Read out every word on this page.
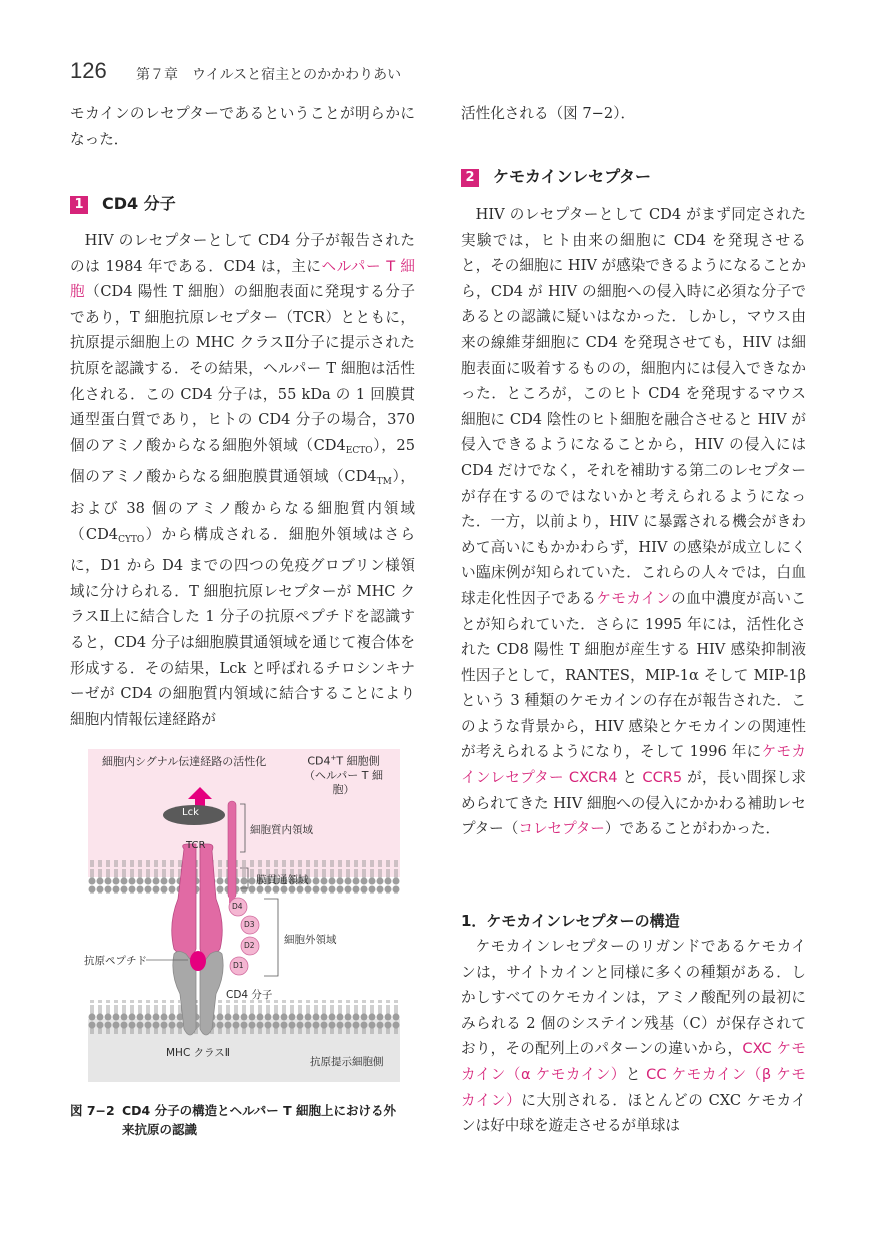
126 第７章　ウイルスと宿主とのかかわりあい

モカインのレセプターであるということが明らかになった．

1 CD4 分子

HIV のレセプターとして CD4 分子が報告されたのは 1984 年である．CD4 は，主にヘルパー T 細胞（CD4 陽性 T 細胞）の細胞表面に発現する分子であり，T 細胞抗原レセプター（TCR）とともに，抗原提示細胞上の MHC クラスⅡ分子に提示された抗原を認識する．その結果，ヘルパー T 細胞は活性化される．この CD4 分子は，55 kDa の 1 回膜貫通型蛋白質であり，ヒトの CD4 分子の場合，370 個のアミノ酸からなる細胞外領域$(CD4_{ECTO})$，25 個のアミノ酸からなる細胞膜貫通領域$(CD4_{TM})$，および 38 個のアミノ酸からなる細胞質内領域$(CD4_{CYTO})$から構成される．細胞外領域はさらに，D1 から D4 までの四つの免疫グロブリン様領域に分けられる．T 細胞抗原レセプターが MHC クラスⅡ上に結合した 1 分子の抗原ペプチドを認識すると，CD4 分子は細胞膜貫通領域を通じて複合体を形成する．その結果，Lck と呼ばれるチロシンキナーゼが CD4 の細胞質内領域に結合することにより細胞内情報伝達経路が

細胞内シグナル伝達経路の活性化	CD4+T 細胞側
（ヘルパー T 細胞）
Lck
TCR
細胞質内領域
膜貫通領域
細胞外領域
抗原ペプチド
D4
D3
D2
D1
CD4 分子
MHC クラスⅡ
抗原提示細胞側
図 7−2 CD4 分子の構造とヘルパー T 細胞上における外
来抗原の認識

活性化される（図 7−2）．

2 ケモカインレセプター

HIV のレセプターとして CD4 がまず同定された実験では，ヒト由来の細胞に CD4 を発現させると，その細胞に HIV が感染できるようになることから，CD4 が HIV の細胞への侵入時に必須な分子であるとの認識に疑いはなかった．しかし，マウス由来の線維芽細胞に CD4 を発現させても，HIV は細胞表面に吸着するものの，細胞内には侵入できなかった．ところが，このヒト CD4 を発現するマウス細胞に CD4 陰性のヒト細胞を融合させると HIV が侵入できるようになることから，HIV の侵入には CD4 だけでなく，それを補助する第二のレセプターが存在するのではないかと考えられるようになった．一方，以前より，HIV に暴露される機会がきわめて高いにもかかわらず，HIV の感染が成立しにくい臨床例が知られていた．これらの人々では，白血球走化性因子であるケモカインの血中濃度が高いことが知られていた．さらに 1995 年には，活性化された CD8 陽性 T 細胞が産生する HIV 感染抑制液性因子として，RANTES，MIP-1α そして MIP-1β という 3 種類のケモカインの存在が報告された．このような背景から，HIV 感染とケモカインの関連性が考えられるようになり，そして 1996 年にケモカインレセプター CXCR4 と CCR5 が，長い間探し求められてきた HIV 細胞への侵入にかかわる補助レセプター（コレセプター）であることがわかった．

1．ケモカインレセプターの構造

ケモカインレセプターのリガンドであるケモカインは，サイトカインと同様に多くの種類がある．しかしすべてのケモカインは，アミノ酸配列の最初にみられる 2 個のシステイン残基（C）が保存されており，その配列上のパターンの違いから，CXC ケモカイン（α ケモカイン）と CC ケモカイン（β ケモカイン）に大別される．ほとんどの CXC ケモカインは好中球を遊走させるが単球は
